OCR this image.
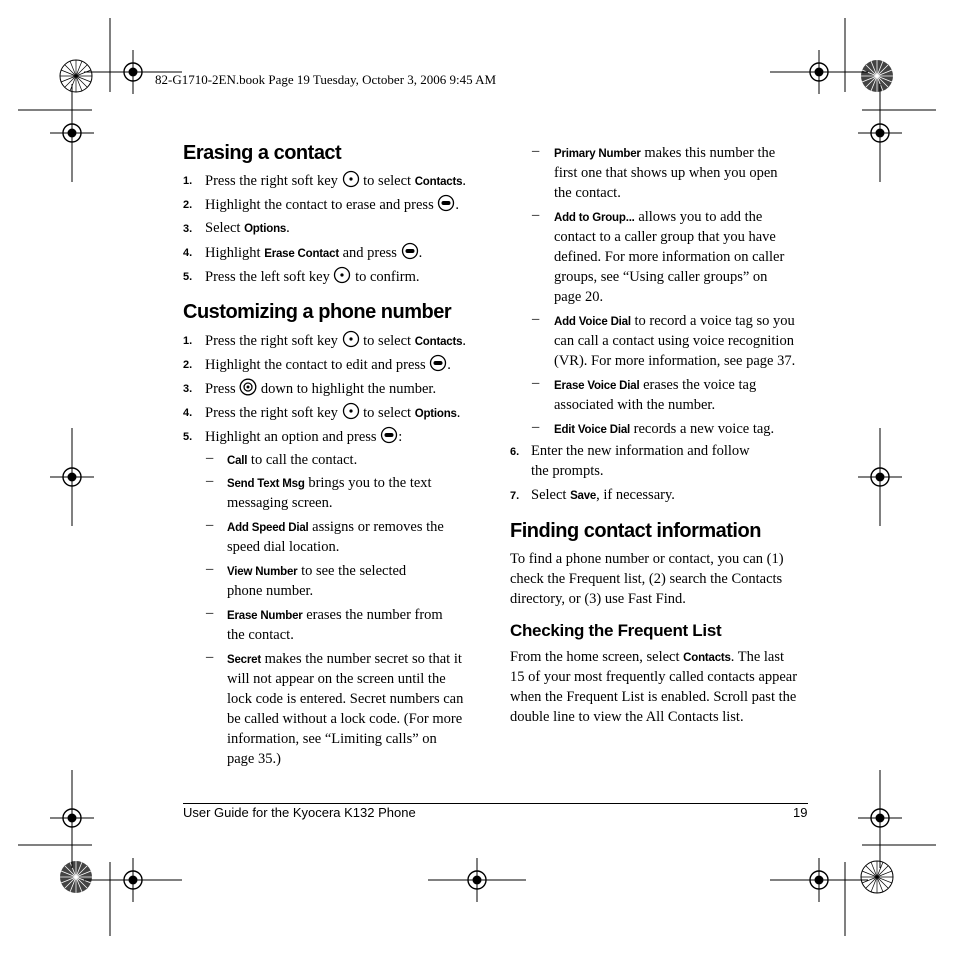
82-G1710-2EN.book Page 19 Tuesday, October 3, 2006 9:45 AM
Erasing a contact
1. Press the right soft key to select Contacts.
2. Highlight the contact to erase and press .
3. Select Options.
4. Highlight Erase Contact and press .
5. Press the left soft key to confirm.
Customizing a phone number
1. Press the right soft key to select Contacts.
2. Highlight the contact to edit and press .
3. Press down to highlight the number.
4. Press the right soft key to select Options.
5. Highlight an option and press :
– Call to call the contact.
– Send Text Msg brings you to the text
messaging screen.
– Add Speed Dial assigns or removes the
speed dial location.
– View Number to see the selected
phone number.
– Erase Number erases the number from
the contact.
– Secret makes the number secret so that it
will not appear on the screen until the
lock code is entered. Secret numbers can
be called without a lock code. (For more
information, see “Limiting calls” on
page 35.)
– Primary Number makes this number the
first one that shows up when you open
the contact.
– Add to Group... allows you to add the
contact to a caller group that you have
defined. For more information on caller
groups, see “Using caller groups” on
page 20.
– Add Voice Dial to record a voice tag so you
can call a contact using voice recognition
(VR). For more information, see page 37.
– Erase Voice Dial erases the voice tag
associated with the number.
– Edit Voice Dial records a new voice tag.
6. Enter the new information and follow
the prompts.
7. Select Save, if necessary.
Finding contact information
To find a phone number or contact, you can (1)
check the Frequent list, (2) search the Contacts
directory, or (3) use Fast Find.
Checking the Frequent List
From the home screen, select Contacts. The last
15 of your most frequently called contacts appear
when the Frequent List is enabled. Scroll past the
double line to view the All Contacts list.
User Guide for the Kyocera K132 Phone	19
